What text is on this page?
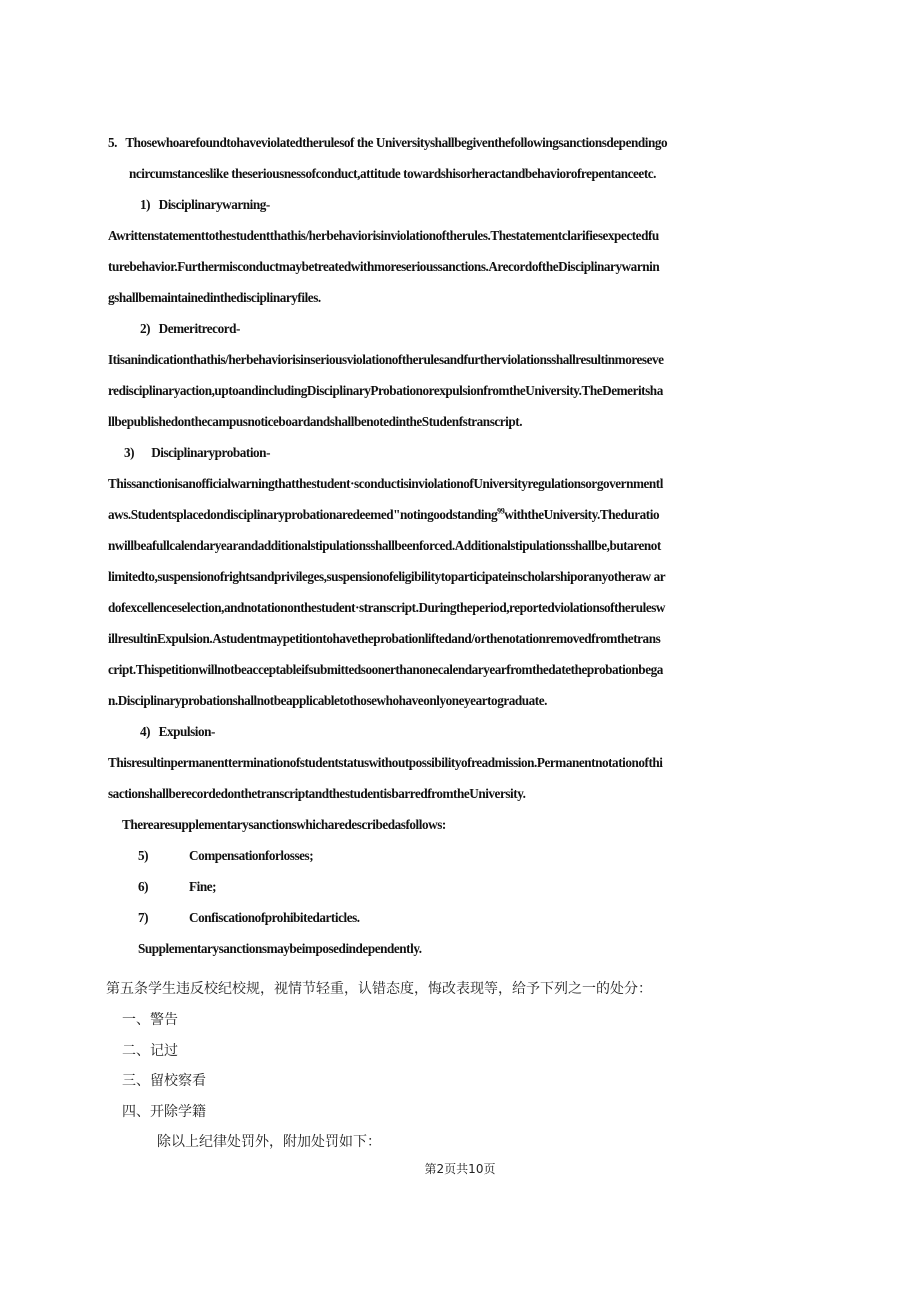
5. Thosewhoarefoundtohaveviolatedtherulesof the Universityshallbegiventhefollowingsanctionsdependingo
ncircumstanceslike theseriousnessofconduct,attitude towardshisorheractandbehaviorofrepentanceetc.
1) Disciplinarywarning-
Awrittenstatementtothestudentthathis/herbehaviorisinviolationoftherules.Thestatementclarifiesexpectedfu
turebehavior.Furthermisconductmaybetreatedwithmoreserioussanctions.ArecordoftheDisciplinarywarnin
gshallbemaintainedinthedisciplinaryfiles.
2) Demeritrecord-
Itisanindicationthathis/herbehaviorisinseriousviolationoftherulesandfurtherviolationsshallresultinmoreseve
redisciplinaryaction,uptoandincludingDisciplinaryProbationorexpulsionfromtheUniversity.TheDemeritsha
llbepublishedonthecampusnoticeboardandshallbenotedintheStudenfstranscript.
3) Disciplinaryprobation-
Thissanctionisanofficialwarningthatthestudent·sconductisinviolationofUniversityregulationsorgovernmentl
aws.Studentsplacedondisciplinaryprobationaredeemed"notingoodstanding$^{99}$withtheUniversity.Theduratio
nwillbeafullcalendaryearandadditionalstipulationsshallbeenforced.Additionalstipulationsshallbe,butarenot
limitedto,suspensionofrightsandprivileges,suspensionofeligibilitytoparticipateinscholarshiporanyotheraw ar
dofexcellenceselection,andnotationonthestudent·stranscript.Duringtheperiod,reportedviolationsoftherulesw
illresultinExpulsion.Astudentmaypetitiontohavetheprobationliftedand/orthenotationremovedfromthetrans
cript.Thispetitionwillnotbeacceptableifsubmittedsoonerthanonecalendaryearfromthedatetheprobationbega
n.Disciplinaryprobationshallnotbeapplicabletothosewhohaveonlyoneyeartograduate.
4) Expulsion-
Thisresultinpermanentterminationofstudentstatuswithoutpossibilityofreadmission.Permanentnotationofthi
sactionshallberecordedonthetranscriptandthestudentisbarredfromtheUniversity.
Therearesupplementarysanctionswhicharedescribedasfollows:
5)	Compensationforlosses;
6)	Fine;
7)	Confiscationofprohibitedarticles.
Supplementarysanctionsmaybeimposedindependently.
第五条学生违反校纪校规，视情节轻重，认错态度，悔改表现等，给予下列之一的处分：
一、警告
二、记过
三、留校察看
四、开除学籍
除以上纪律处罚外，附加处罚如下：
第2页共10页
